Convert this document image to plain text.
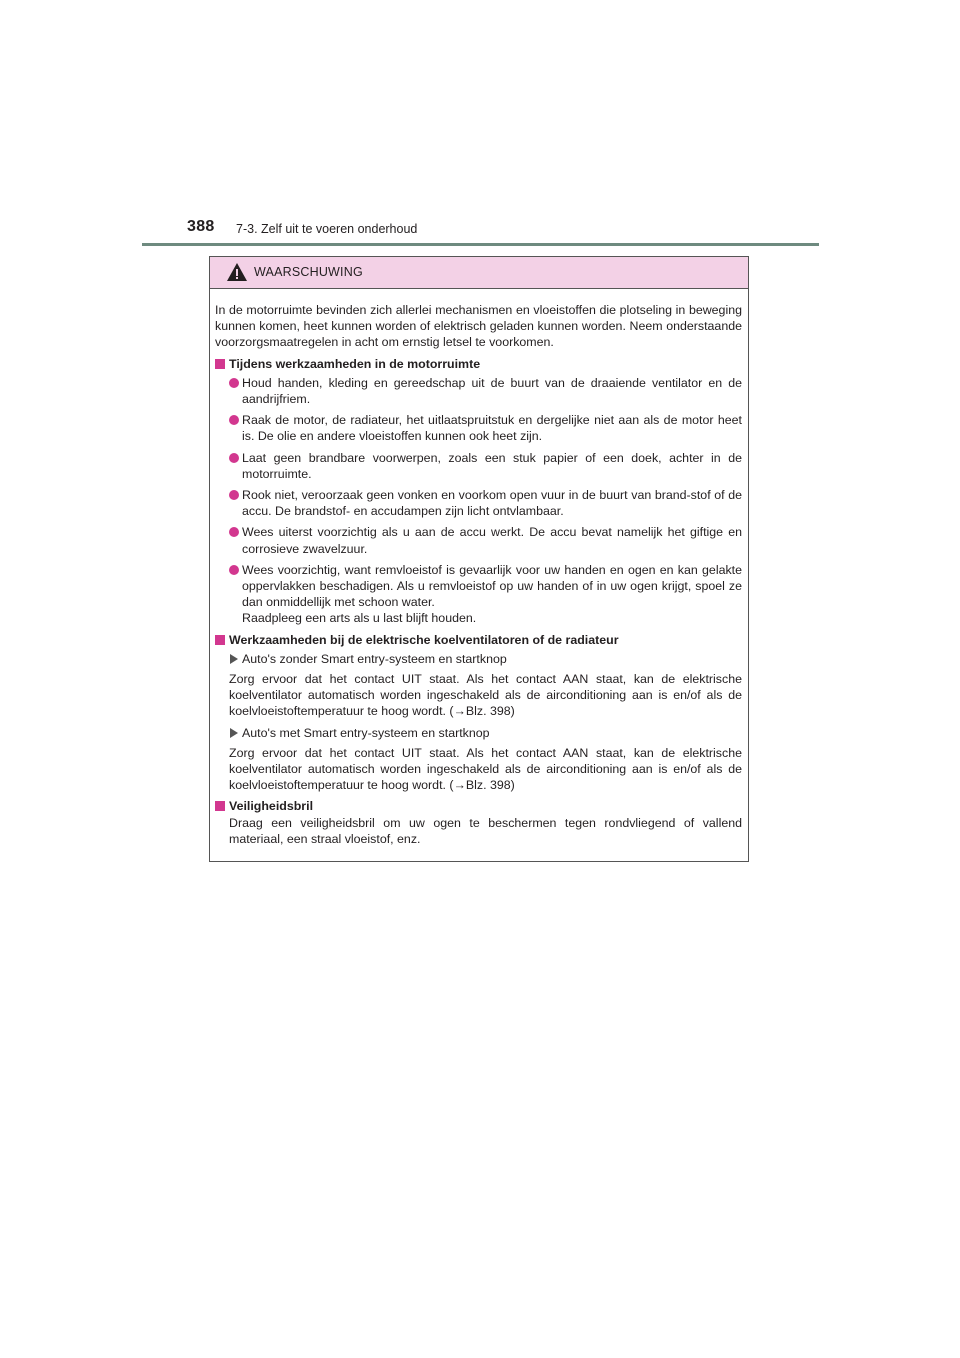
388 7-3. Zelf uit te voeren onderhoud
WAARSCHUWING

In de motorruimte bevinden zich allerlei mechanismen en vloeistoffen die plotseling in beweging kunnen komen, heet kunnen worden of elektrisch geladen kunnen worden. Neem onderstaande voorzorgsmaatregelen in acht om ernstig letsel te voorkomen.

Tijdens werkzaamheden in de motorruimte
Houd handen, kleding en gereedschap uit de buurt van de draaiende ventilator en de aandrijfriem.
Raak de motor, de radiateur, het uitlaatspruitstuk en dergelijke niet aan als de motor heet is. De olie en andere vloeistoffen kunnen ook heet zijn.
Laat geen brandbare voorwerpen, zoals een stuk papier of een doek, achter in de motorruimte.
Rook niet, veroorzaak geen vonken en voorkom open vuur in de buurt van brand-stof of de accu. De brandstof- en accudampen zijn licht ontvlambaar.
Wees uiterst voorzichtig als u aan de accu werkt. De accu bevat namelijk het giftige en corrosieve zwavelzuur.
Wees voorzichtig, want remvloeistof is gevaarlijk voor uw handen en ogen en kan gelakte oppervlakken beschadigen. Als u remvloeistof op uw handen of in uw ogen krijgt, spoel ze dan onmiddellijk met schoon water.
Raadpleeg een arts als u last blijft houden.
Werkzaamheden bij de elektrische koelventilatoren of de radiateur
Auto's zonder Smart entry-systeem en startknop
Zorg ervoor dat het contact UIT staat. Als het contact AAN staat, kan de elektrische koelventilator automatisch worden ingeschakeld als de airconditioning aan is en/of als de koelvloeistoftemperatuur te hoog wordt. (→Blz. 398)
Auto's met Smart entry-systeem en startknop
Zorg ervoor dat het contact UIT staat. Als het contact AAN staat, kan de elektrische koelventilator automatisch worden ingeschakeld als de airconditioning aan is en/of als de koelvloeistoftemperatuur te hoog wordt. (→Blz. 398)
Veiligheidsbril
Draag een veiligheidsbril om uw ogen te beschermen tegen rondvliegend of vallend materiaal, een straal vloeistof, enz.
